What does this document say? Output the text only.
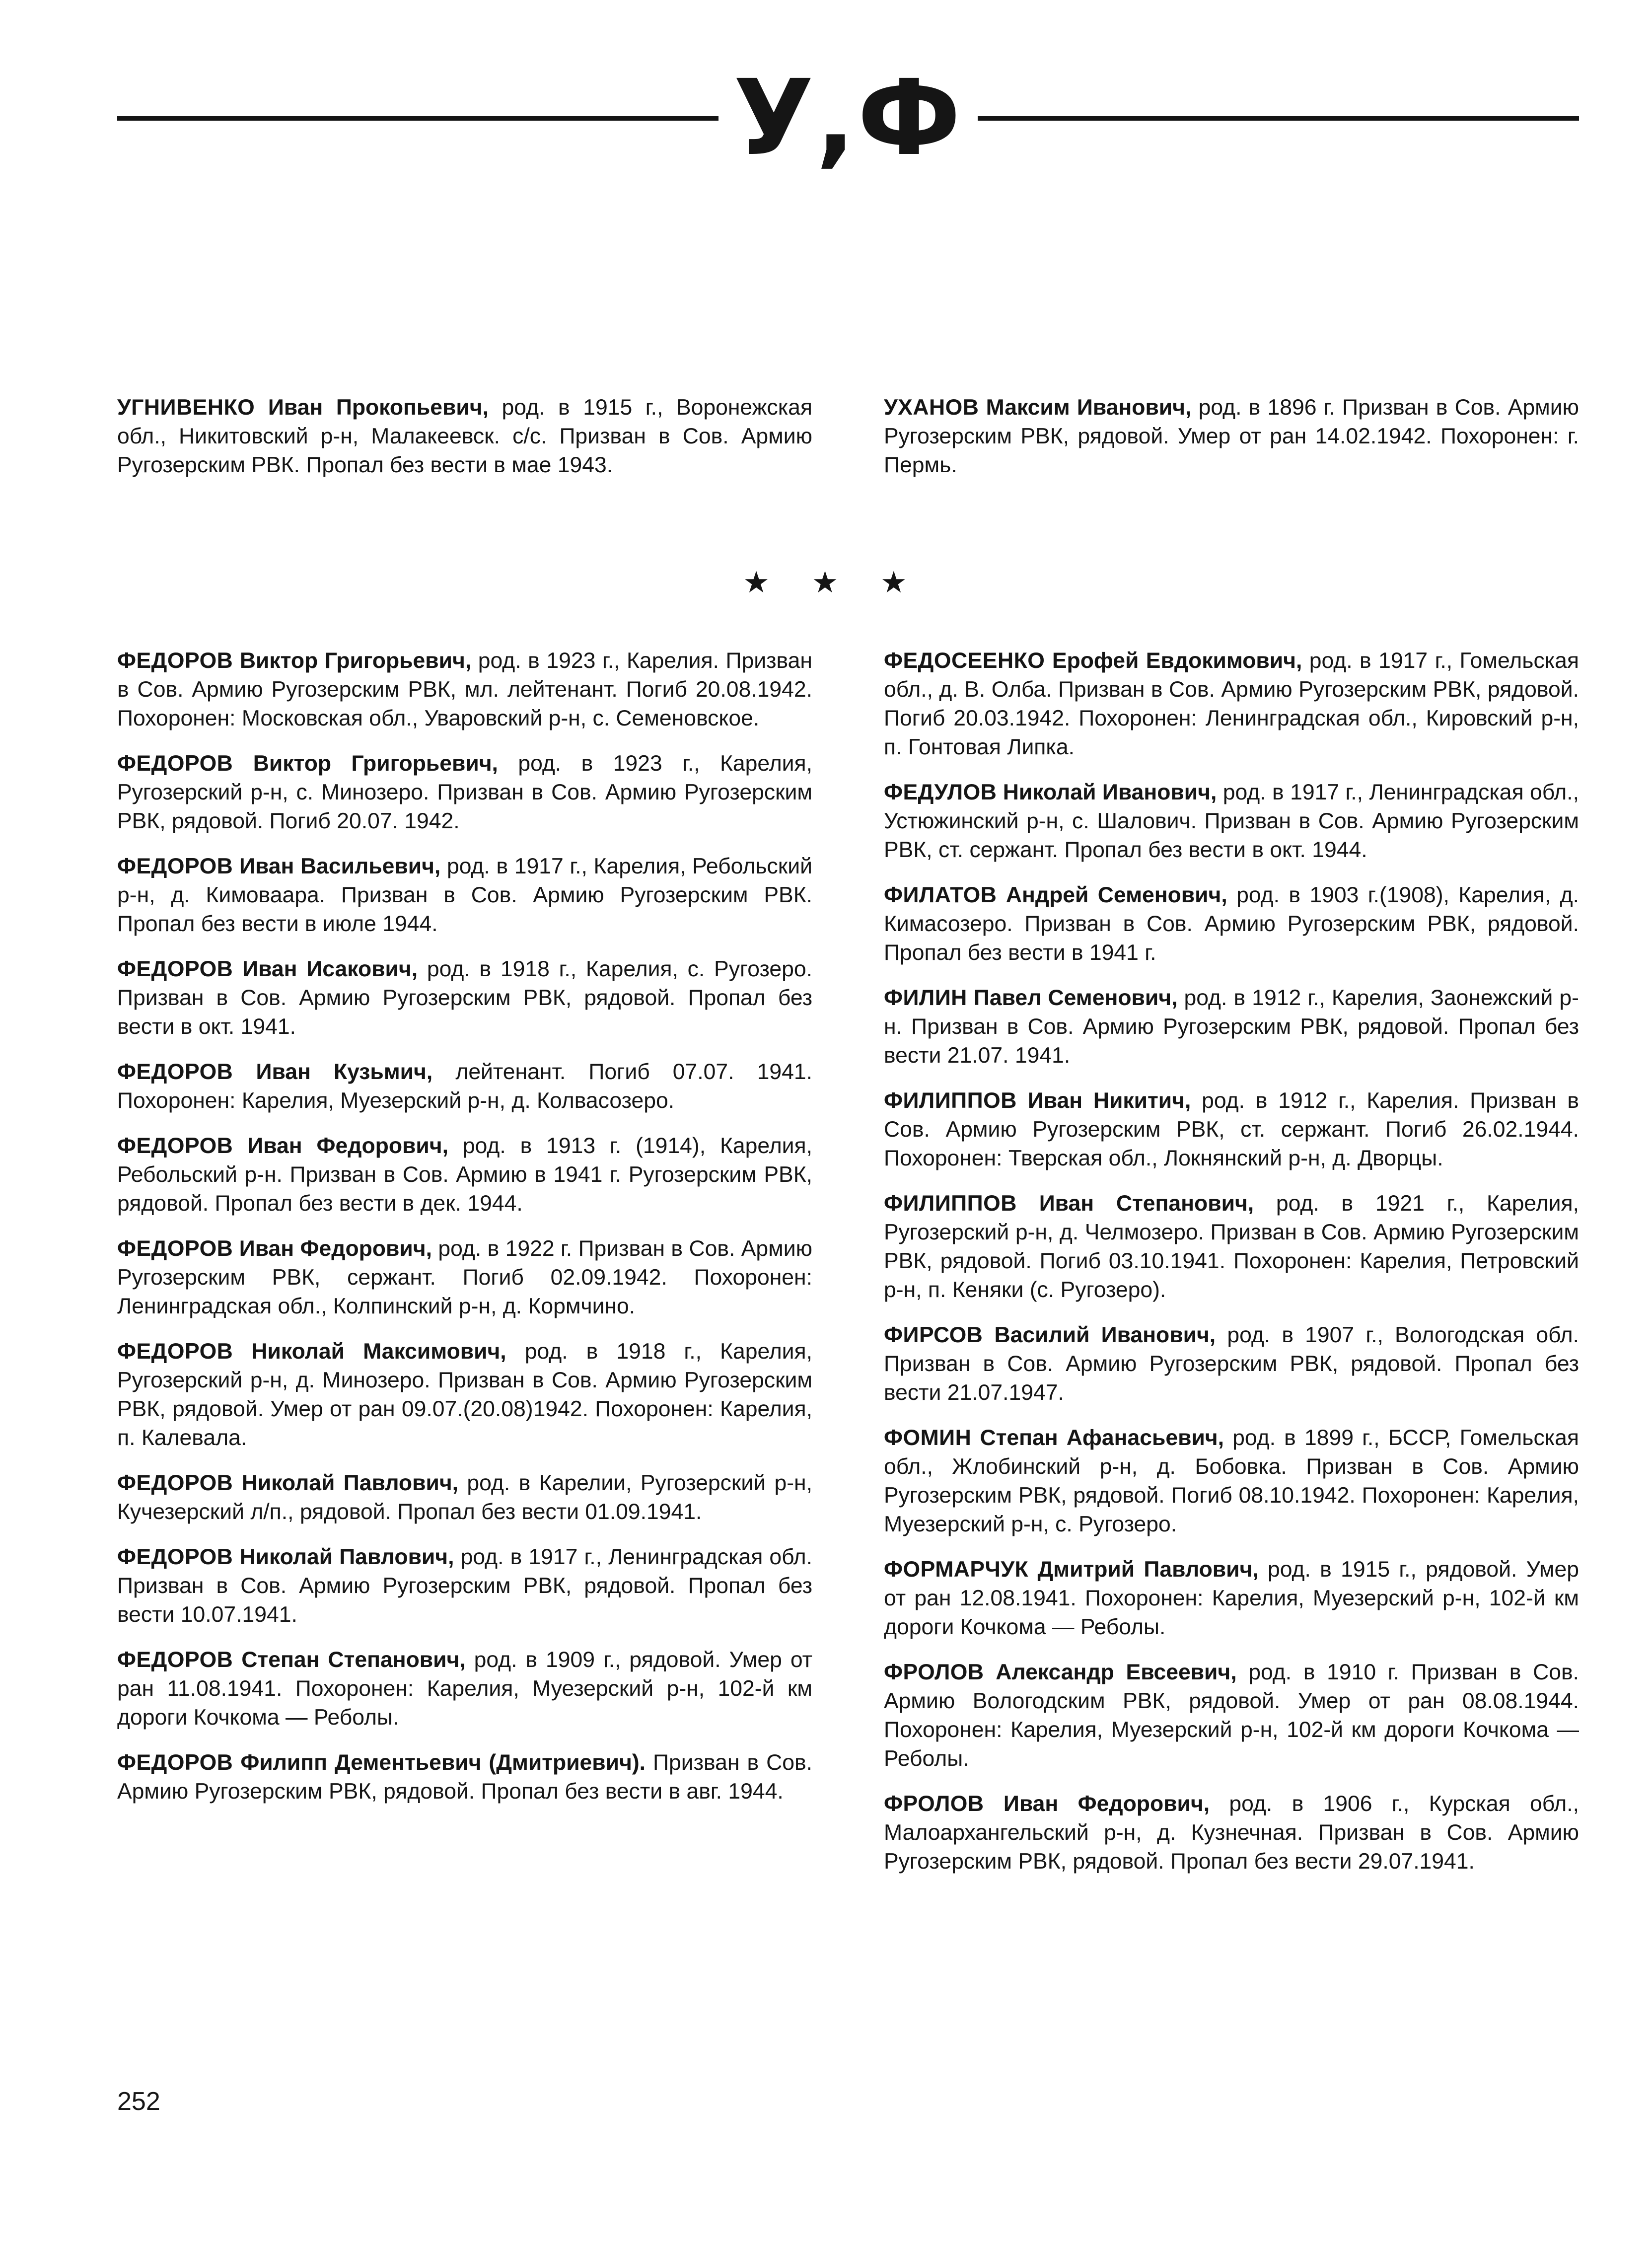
У,Ф

УГНИВЕНКО Иван Прокопьевич, род. в 1915 г., Воронежская обл., Никитовский р-н, Малакеевск. с/с. Призван в Сов. Армию Ругозерским РВК. Пропал без вести в мае 1943.

УХАНОВ Максим Иванович, род. в 1896 г. Призван в Сов. Армию Ругозерским РВК, рядовой. Умер от ран 14.02.1942. Похоронен: г. Пермь.

★ ★ ★

ФЕДОРОВ Виктор Григорьевич, род. в 1923 г., Карелия. Призван в Сов. Армию Ругозерским РВК, мл. лейтенант. Погиб 20.08.1942. Похоронен: Московская обл., Уваровский р-н, с. Семеновское.

ФЕДОРОВ Виктор Григорьевич, род. в 1923 г., Карелия, Ругозерский р-н, с. Минозеро. Призван в Сов. Армию Ругозерским РВК, рядовой. Погиб 20.07. 1942.

ФЕДОРОВ Иван Васильевич, род. в 1917 г., Карелия, Ребольский р-н, д. Кимоваара. Призван в Сов. Армию Ругозерским РВК. Пропал без вести в июле 1944.

ФЕДОРОВ Иван Исакович, род. в 1918 г., Карелия, с. Ругозеро. Призван в Сов. Армию Ругозерским РВК, рядовой. Пропал без вести в окт. 1941.

ФЕДОРОВ Иван Кузьмич, лейтенант. Погиб 07.07. 1941. Похоронен: Карелия, Муезерский р-н, д. Колвасозеро.

ФЕДОРОВ Иван Федорович, род. в 1913 г. (1914), Карелия, Ребольский р-н. Призван в Сов. Армию в 1941 г. Ругозерским РВК, рядовой. Пропал без вести в дек. 1944.

ФЕДОРОВ Иван Федорович, род. в 1922 г. Призван в Сов. Армию Ругозерским РВК, сержант. Погиб 02.09.1942. Похоронен: Ленинградская обл., Колпинский р-н, д. Кормчино.

ФЕДОРОВ Николай Максимович, род. в 1918 г., Карелия, Ругозерский р-н, д. Минозеро. Призван в Сов. Армию Ругозерским РВК, рядовой. Умер от ран 09.07.(20.08)1942. Похоронен: Карелия, п. Калевала.

ФЕДОРОВ Николай Павлович, род. в Карелии, Ругозерский р-н, Кучезерский л/п., рядовой. Пропал без вести 01.09.1941.

ФЕДОРОВ Николай Павлович, род. в 1917 г., Ленинградская обл. Призван в Сов. Армию Ругозерским РВК, рядовой. Пропал без вести 10.07.1941.

ФЕДОРОВ Степан Степанович, род. в 1909 г., рядовой. Умер от ран 11.08.1941. Похоронен: Карелия, Муезерский р-н, 102-й км дороги Кочкома — Реболы.

ФЕДОРОВ Филипп Дементьевич (Дмитриевич). Призван в Сов. Армию Ругозерским РВК, рядовой. Пропал без вести в авг. 1944.

ФЕДОСЕЕНКО Ерофей Евдокимович, род. в 1917 г., Гомельская обл., д. В. Олба. Призван в Сов. Армию Ругозерским РВК, рядовой. Погиб 20.03.1942. Похоронен: Ленинградская обл., Кировский р-н, п. Гонтовая Липка.

ФЕДУЛОВ Николай Иванович, род. в 1917 г., Ленинградская обл., Устюжинский р-н, с. Шалович. Призван в Сов. Армию Ругозерским РВК, ст. сержант. Пропал без вести в окт. 1944.

ФИЛАТОВ Андрей Семенович, род. в 1903 г.(1908), Карелия, д. Кимасозеро. Призван в Сов. Армию Ругозерским РВК, рядовой. Пропал без вести в 1941 г.

ФИЛИН Павел Семенович, род. в 1912 г., Карелия, Заонежский р-н. Призван в Сов. Армию Ругозерским РВК, рядовой. Пропал без вести 21.07. 1941.

ФИЛИППОВ Иван Никитич, род. в 1912 г., Карелия. Призван в Сов. Армию Ругозерским РВК, ст. сержант. Погиб 26.02.1944. Похоронен: Тверская обл., Локнянский р-н, д. Дворцы.

ФИЛИППОВ Иван Степанович, род. в 1921 г., Карелия, Ругозерский р-н, д. Челмозеро. Призван в Сов. Армию Ругозерским РВК, рядовой. Погиб 03.10.1941. Похоронен: Карелия, Петровский р-н, п. Кеняки (с. Ругозеро).

ФИРСОВ Василий Иванович, род. в 1907 г., Вологодская обл. Призван в Сов. Армию Ругозерским РВК, рядовой. Пропал без вести 21.07.1947.

ФОМИН Степан Афанасьевич, род. в 1899 г., БССР, Гомельская обл., Жлобинский р-н, д. Бобовка. Призван в Сов. Армию Ругозерским РВК, рядовой. Погиб 08.10.1942. Похоронен: Карелия, Муезерский р-н, с. Ругозеро.

ФОРМАРЧУК Дмитрий Павлович, род. в 1915 г., рядовой. Умер от ран 12.08.1941. Похоронен: Карелия, Муезерский р-н, 102-й км дороги Кочкома — Реболы.

ФРОЛОВ Александр Евсеевич, род. в 1910 г. Призван в Сов. Армию Вологодским РВК, рядовой. Умер от ран 08.08.1944. Похоронен: Карелия, Муезерский р-н, 102-й км дороги Кочкома — Реболы.

ФРОЛОВ Иван Федорович, род. в 1906 г., Курская обл., Малоархангельский р-н, д. Кузнечная. Призван в Сов. Армию Ругозерским РВК, рядовой. Пропал без вести 29.07.1941.

252
